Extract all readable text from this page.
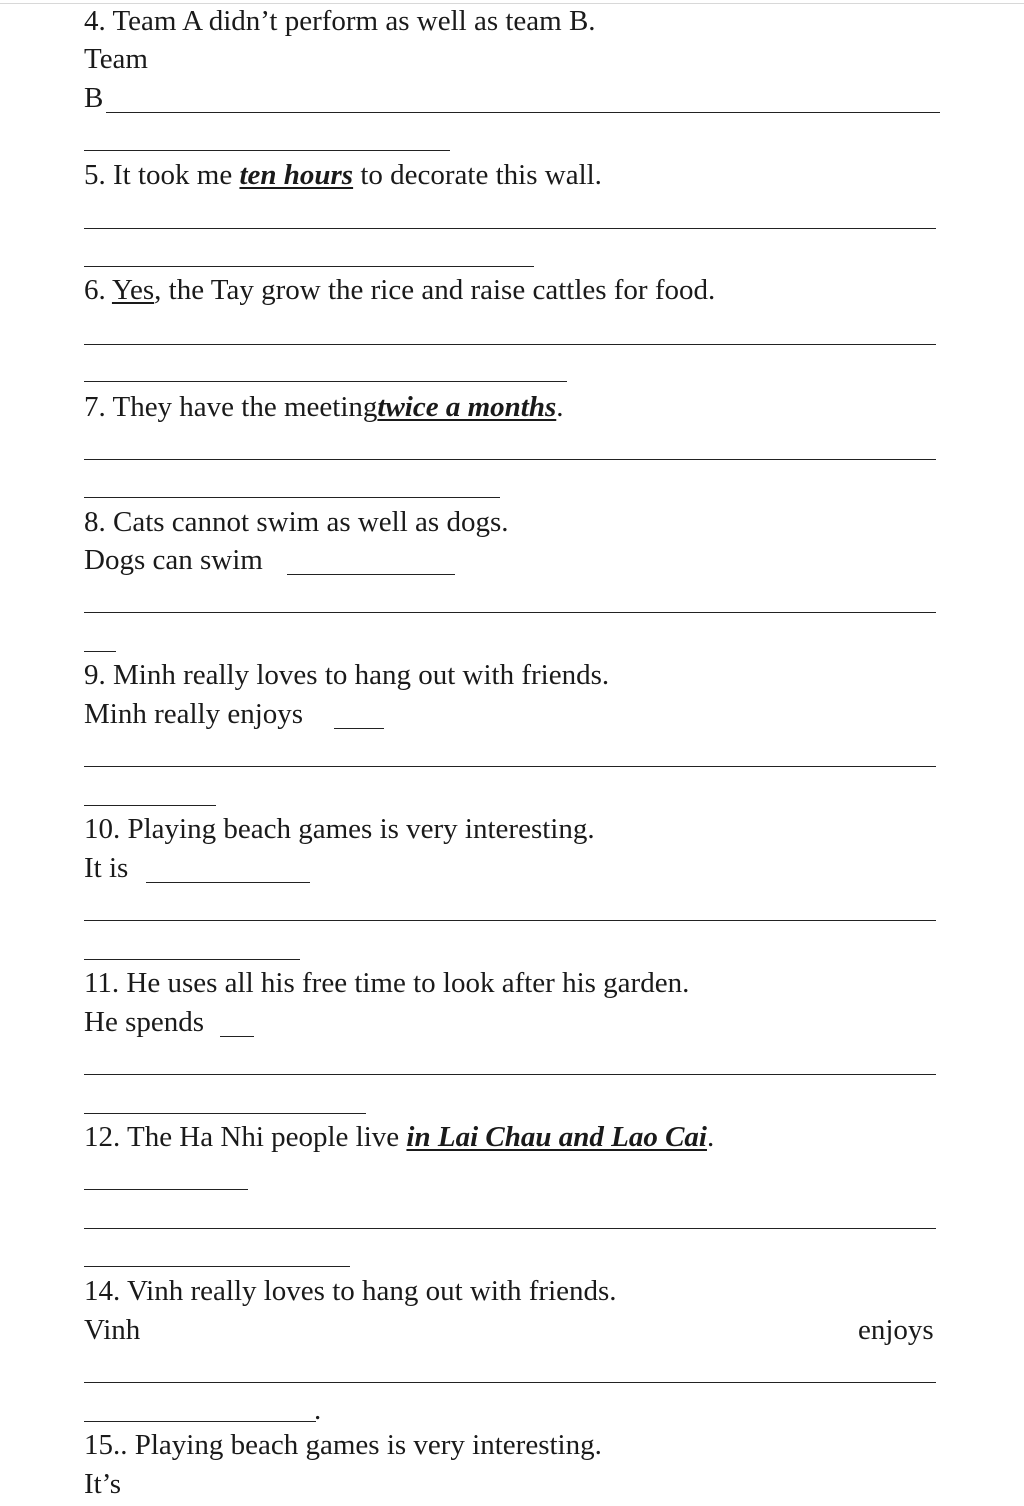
4. Team A didn’t perform as well as team B.
Team
B
5. It took me ten hours to decorate this wall.
6. Yes, the Tay grow the rice and raise cattles for food.
7. They have the meetingtwice a months.
8. Cats cannot swim as well as dogs.
Dogs can swim
9. Minh really loves to hang out with friends.
Minh really enjoys
10. Playing beach games is very interesting.
It is
11. He uses all his free time to look after his garden.
He spends
12. The Ha Nhi people live in Lai Chau and Lao Cai.
14. Vinh really loves to hang out with friends.
Vinh	enjoys
.
15.. Playing beach games is very interesting.
It’s
